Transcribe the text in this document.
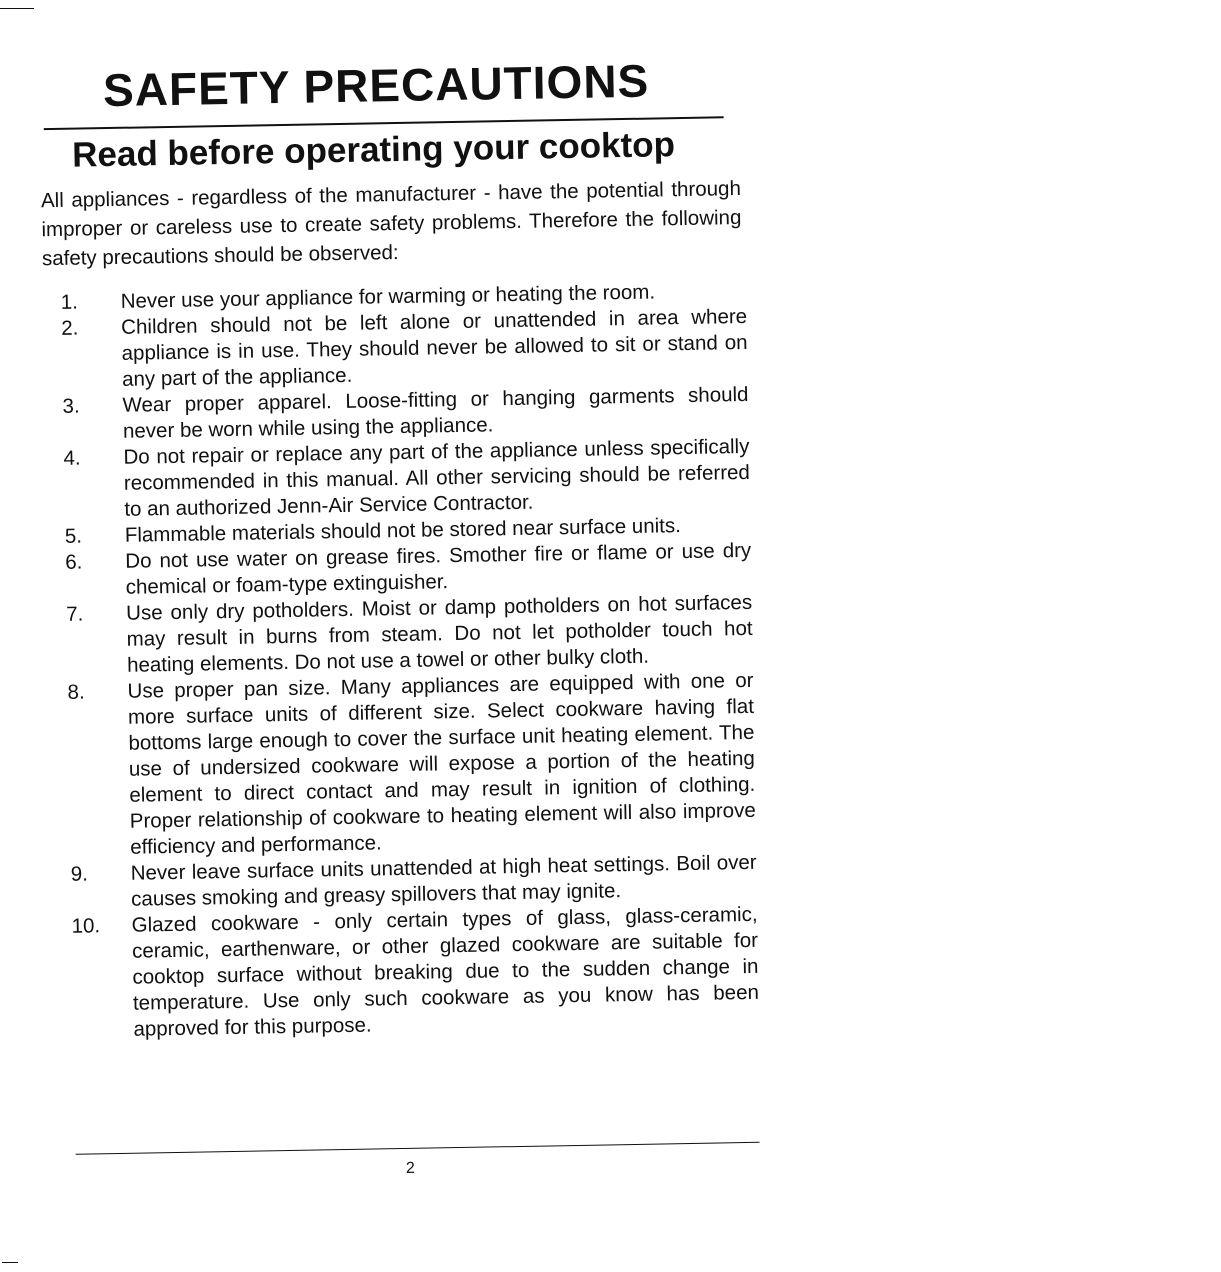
SAFETY PRECAUTIONS
Read before operating your cooktop

All appliances - regardless of the manufacturer - have the potential through improper or careless use to create safety problems. Therefore the following safety precautions should be observed:

1.	Never use your appliance for warming or heating the room.
2.	Children should not be left alone or unattended in area where appliance is in use. They should never be allowed to sit or stand on any part of the appliance.
3.	Wear proper apparel. Loose-fitting or hanging garments should never be worn while using the appliance.
4.	Do not repair or replace any part of the appliance unless specifically recommended in this manual. All other servicing should be referred to an authorized Jenn-Air Service Contractor.
5.	Flammable materials should not be stored near surface units.
6.	Do not use water on grease fires. Smother fire or flame or use dry chemical or foam-type extinguisher.
7.	Use only dry potholders. Moist or damp potholders on hot surfaces may result in burns from steam. Do not let potholder touch hot heating elements. Do not use a towel or other bulky cloth.
8.	Use proper pan size. Many appliances are equipped with one or more surface units of different size. Select cookware having flat bottoms large enough to cover the surface unit heating element. The use of undersized cookware will expose a portion of the heating element to direct contact and may result in ignition of clothing. Proper relationship of cookware to heating element will also improve efficiency and performance.
9.	Never leave surface units unattended at high heat settings. Boil over causes smoking and greasy spillovers that may ignite.
10.	Glazed cookware - only certain types of glass, glass-ceramic, ceramic, earthenware, or other glazed cookware are suitable for cooktop surface without breaking due to the sudden change in temperature. Use only such cookware as you know has been approved for this purpose.
2
